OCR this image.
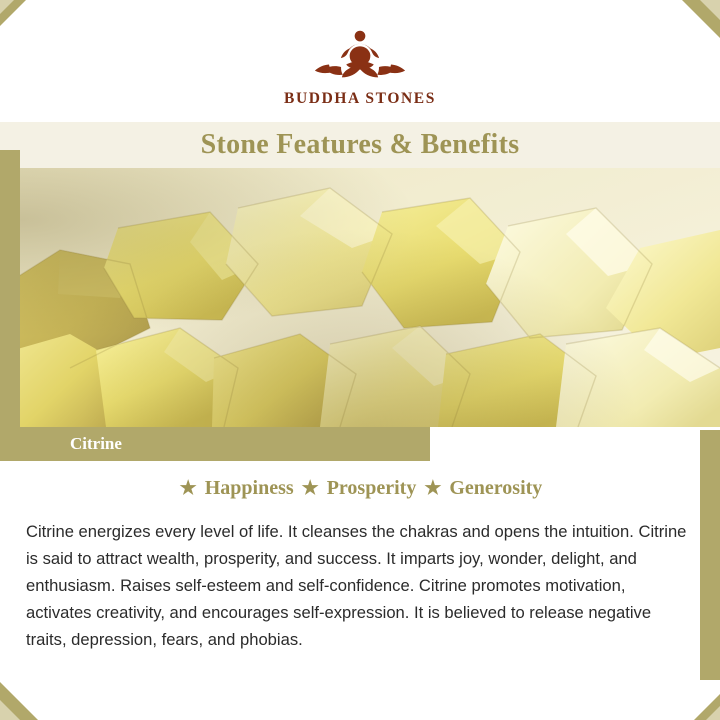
BUDDHA STONES
Stone Features & Benefits
Citrine
★ Happiness ★ Prosperity ★ Generosity
Citrine energizes every level of life. It cleanses the chakras and opens the intuition. Citrine is said to attract wealth, prosperity, and success. It imparts joy, wonder, delight, and enthusiasm. Raises self-esteem and self-confidence. Citrine promotes motivation, activates creativity, and encourages self-expression. It is believed to release negative traits, depression, fears, and phobias.
